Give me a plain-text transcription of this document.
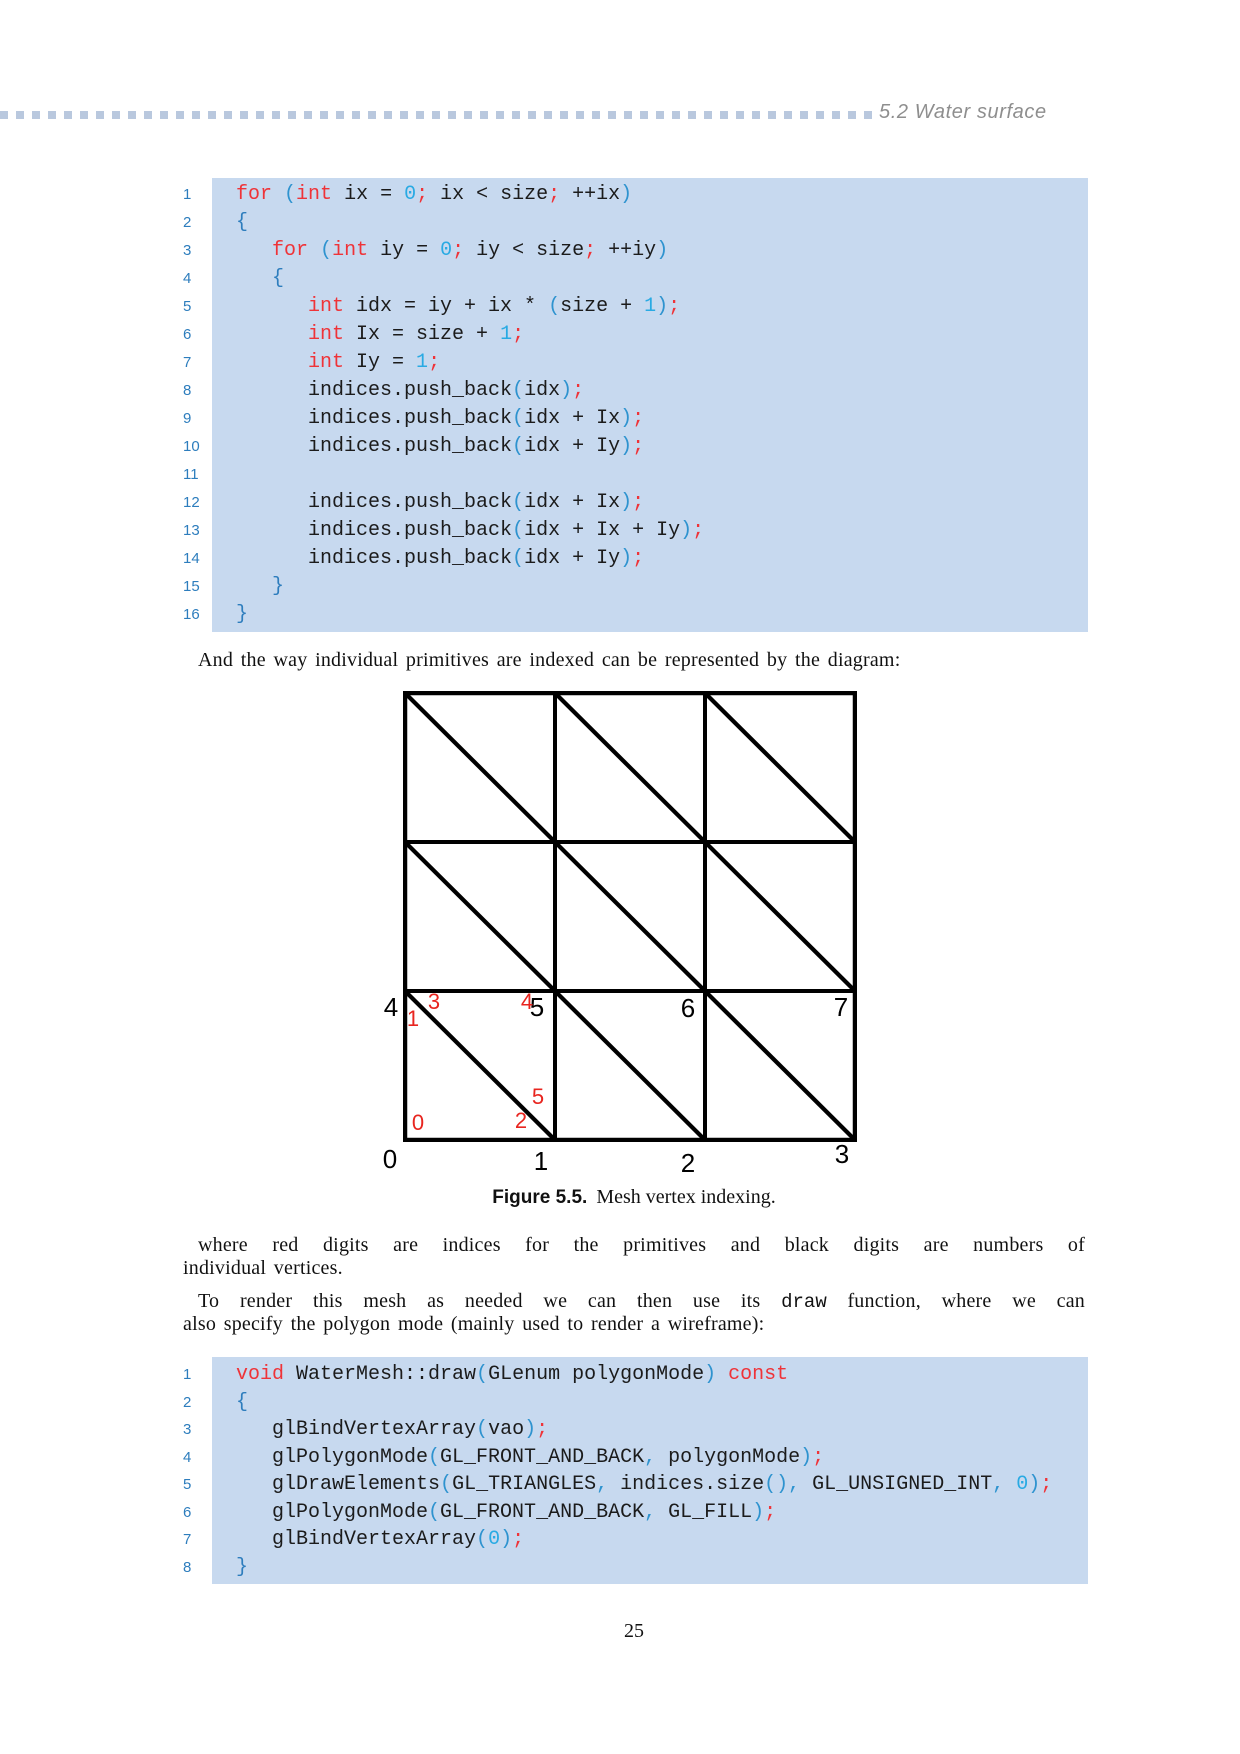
5.2 Water surface
1
2
3
4
5
6
7
8
9
10
11
12
13
14
15
16
for (int ix = 0; ix < size; ++ix)
{
for (int iy = 0; iy < size; ++iy)
{
int idx = iy + ix * (size + 1);
int Ix = size + 1;
int Iy = 1;
indices.push_back(idx);
indices.push_back(idx + Ix);
indices.push_back(idx + Iy);

indices.push_back(idx + Ix);
indices.push_back(idx + Ix + Iy);
indices.push_back(idx + Iy);
}
}
And the way individual primitives are indexed can be represented by the diagram:
4	5	6	7
0	1	2	3
3
1
4
0	2
5
Figure 5.5. Mesh vertex indexing.
where red digits are indices for the primitives and black digits are numbers of
individual vertices.
To render this mesh as needed we can then use its draw function, where we can
also specify the polygon mode (mainly used to render a wireframe):
1
2
3
4
5
6
7
8
void WaterMesh::draw(GLenum polygonMode) const
{
glBindVertexArray(vao);
glPolygonMode(GL_FRONT_AND_BACK, polygonMode);
glDrawElements(GL_TRIANGLES, indices.size(), GL_UNSIGNED_INT, 0);
glPolygonMode(GL_FRONT_AND_BACK, GL_FILL);
glBindVertexArray(0);
}
25
